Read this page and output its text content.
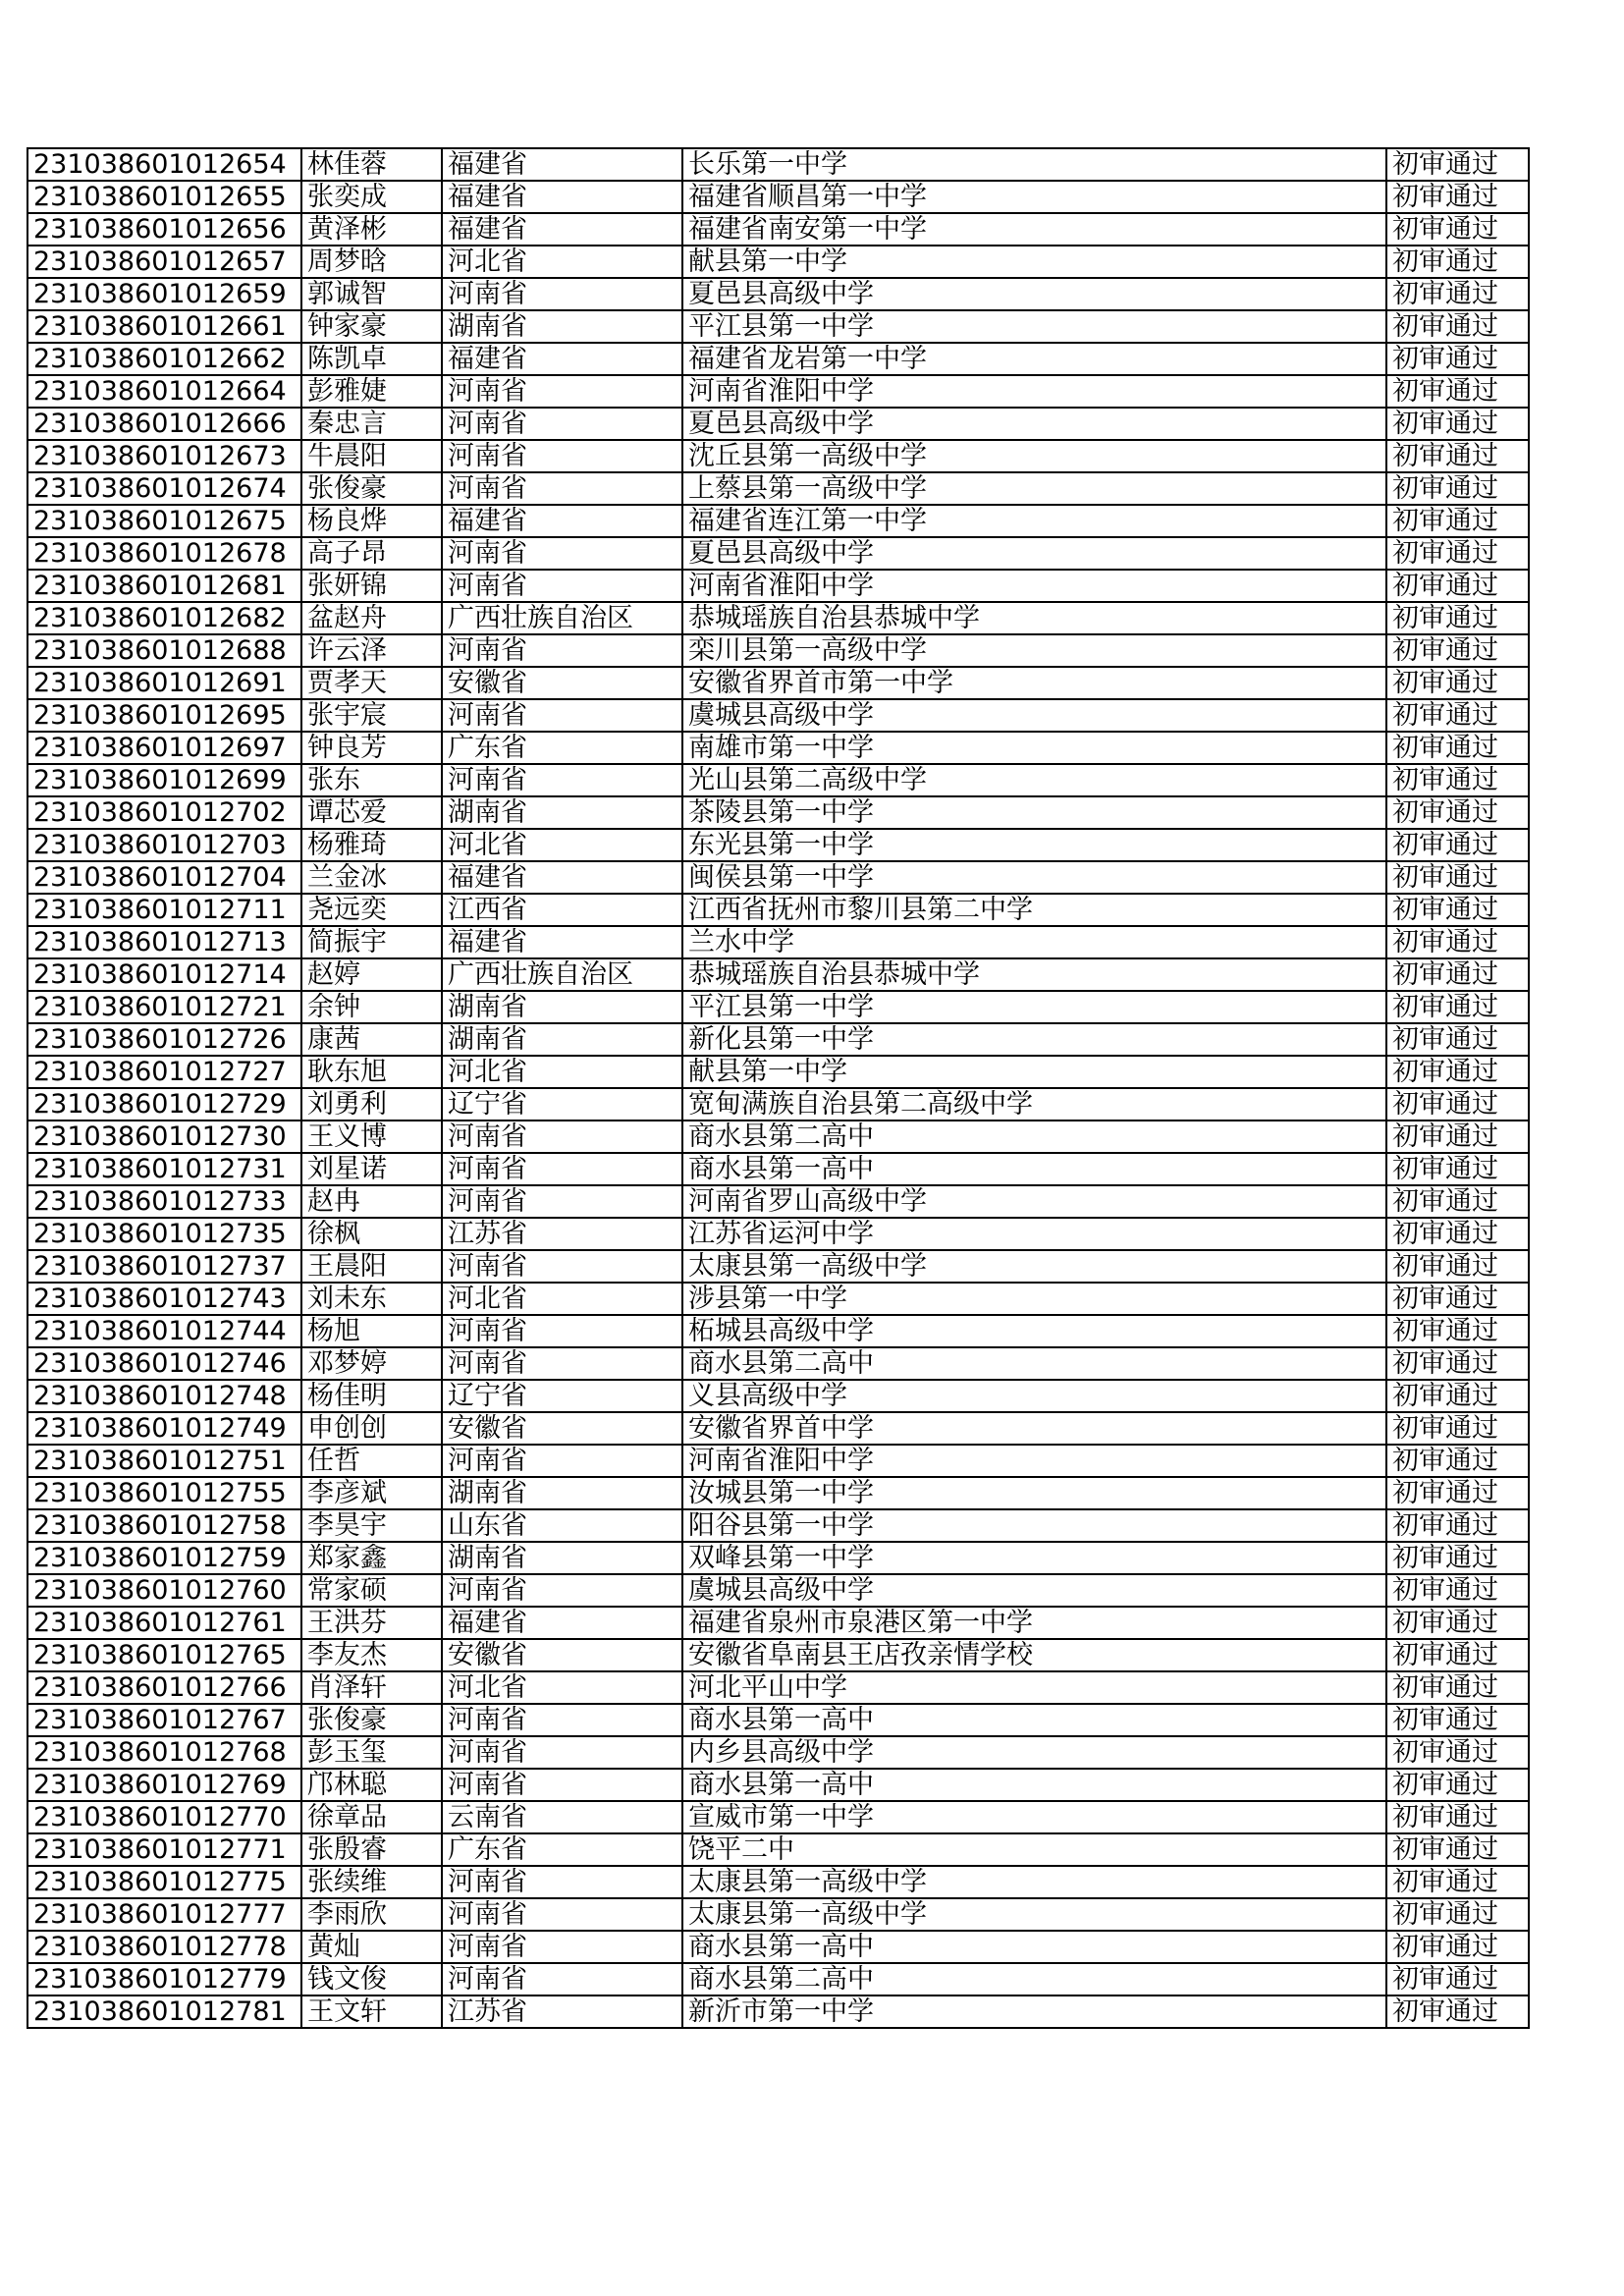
231038601012654	林佳蓉	福建省	长乐第一中学	初审通过
231038601012655	张奕成	福建省	福建省顺昌第一中学	初审通过
231038601012656	黄泽彬	福建省	福建省南安第一中学	初审通过
231038601012657	周梦晗	河北省	献县第一中学	初审通过
231038601012659	郭诚智	河南省	夏邑县高级中学	初审通过
231038601012661	钟家豪	湖南省	平江县第一中学	初审通过
231038601012662	陈凯卓	福建省	福建省龙岩第一中学	初审通过
231038601012664	彭雅婕	河南省	河南省淮阳中学	初审通过
231038601012666	秦忠言	河南省	夏邑县高级中学	初审通过
231038601012673	牛晨阳	河南省	沈丘县第一高级中学	初审通过
231038601012674	张俊豪	河南省	上蔡县第一高级中学	初审通过
231038601012675	杨良烨	福建省	福建省连江第一中学	初审通过
231038601012678	高子昂	河南省	夏邑县高级中学	初审通过
231038601012681	张妍锦	河南省	河南省淮阳中学	初审通过
231038601012682	盆赵舟	广西壮族自治区	恭城瑶族自治县恭城中学	初审通过
231038601012688	许云泽	河南省	栾川县第一高级中学	初审通过
231038601012691	贾孝天	安徽省	安徽省界首市第一中学	初审通过
231038601012695	张宇宸	河南省	虞城县高级中学	初审通过
231038601012697	钟良芳	广东省	南雄市第一中学	初审通过
231038601012699	张东	河南省	光山县第二高级中学	初审通过
231038601012702	谭芯爱	湖南省	茶陵县第一中学	初审通过
231038601012703	杨雅琦	河北省	东光县第一中学	初审通过
231038601012704	兰金冰	福建省	闽侯县第一中学	初审通过
231038601012711	尧远奕	江西省	江西省抚州市黎川县第二中学	初审通过
231038601012713	简振宇	福建省	兰水中学	初审通过
231038601012714	赵婷	广西壮族自治区	恭城瑶族自治县恭城中学	初审通过
231038601012721	余钟	湖南省	平江县第一中学	初审通过
231038601012726	康茜	湖南省	新化县第一中学	初审通过
231038601012727	耿东旭	河北省	献县第一中学	初审通过
231038601012729	刘勇利	辽宁省	宽甸满族自治县第二高级中学	初审通过
231038601012730	王义博	河南省	商水县第二高中	初审通过
231038601012731	刘星诺	河南省	商水县第一高中	初审通过
231038601012733	赵冉	河南省	河南省罗山高级中学	初审通过
231038601012735	徐枫	江苏省	江苏省运河中学	初审通过
231038601012737	王晨阳	河南省	太康县第一高级中学	初审通过
231038601012743	刘未东	河北省	涉县第一中学	初审通过
231038601012744	杨旭	河南省	柘城县高级中学	初审通过
231038601012746	邓梦婷	河南省	商水县第二高中	初审通过
231038601012748	杨佳明	辽宁省	义县高级中学	初审通过
231038601012749	申创创	安徽省	安徽省界首中学	初审通过
231038601012751	任哲	河南省	河南省淮阳中学	初审通过
231038601012755	李彦斌	湖南省	汝城县第一中学	初审通过
231038601012758	李昊宇	山东省	阳谷县第一中学	初审通过
231038601012759	郑家鑫	湖南省	双峰县第一中学	初审通过
231038601012760	常家硕	河南省	虞城县高级中学	初审通过
231038601012761	王洪芬	福建省	福建省泉州市泉港区第一中学	初审通过
231038601012765	李友杰	安徽省	安徽省阜南县王店孜亲情学校	初审通过
231038601012766	肖泽轩	河北省	河北平山中学	初审通过
231038601012767	张俊豪	河南省	商水县第一高中	初审通过
231038601012768	彭玉玺	河南省	内乡县高级中学	初审通过
231038601012769	邝林聪	河南省	商水县第一高中	初审通过
231038601012770	徐章品	云南省	宣威市第一中学	初审通过
231038601012771	张殷睿	广东省	饶平二中	初审通过
231038601012775	张续维	河南省	太康县第一高级中学	初审通过
231038601012777	李雨欣	河南省	太康县第一高级中学	初审通过
231038601012778	黄灿	河南省	商水县第一高中	初审通过
231038601012779	钱文俊	河南省	商水县第二高中	初审通过
231038601012781	王文轩	江苏省	新沂市第一中学	初审通过
